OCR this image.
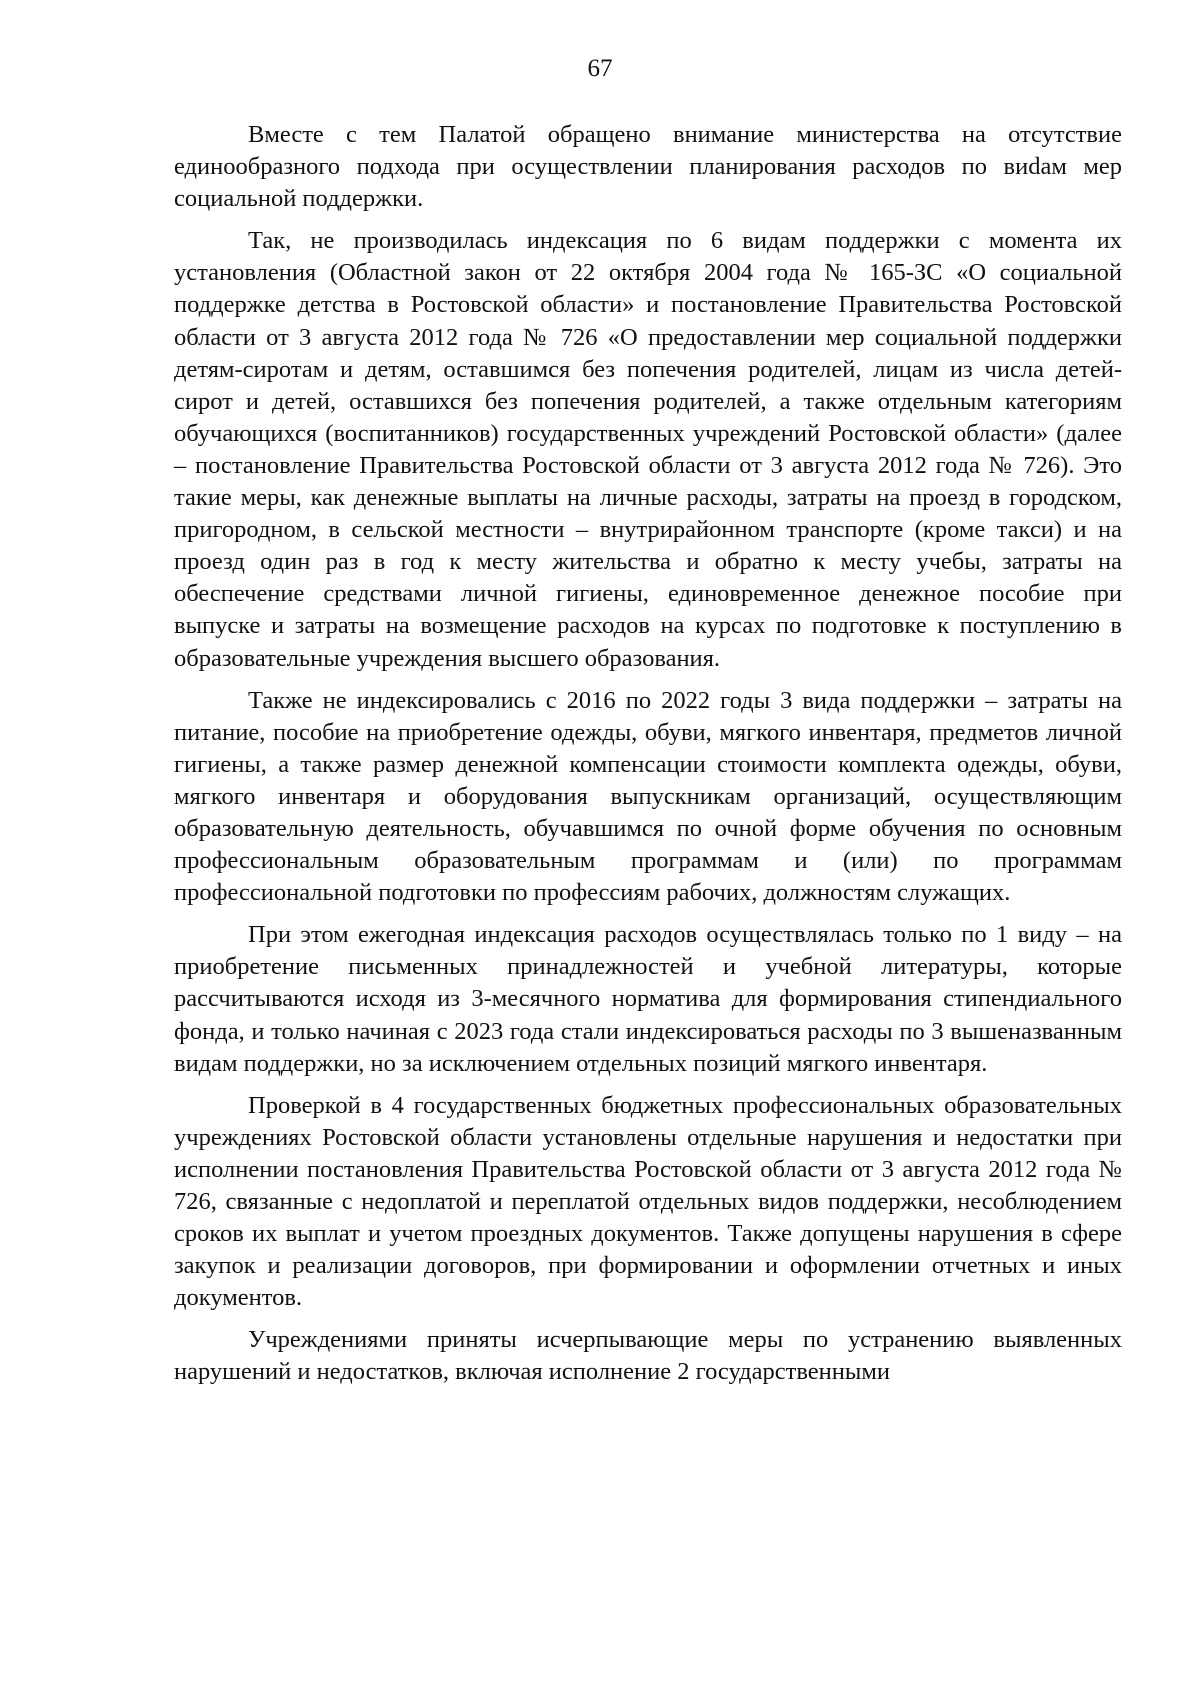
67

Вместе с тем Палатой обращено внимание министерства на отсутствие единообразного подхода при осуществлении планирования расходов по виdам мер социальной поддержки.

Так, не производилась индексация по 6 видам поддержки с момента их установления (Областной закон от 22 октября 2004 года № 165-ЗС «О социальной поддержке детства в Ростовской области» и постановление Правительства Ростовской области от 3 августа 2012 года № 726 «О предоставлении мер социальной поддержки детям-сиротам и детям, оставшимся без попечения родителей, лицам из числа детей-сирот и детей, оставшихся без попечения родителей, а также отдельным категориям обучающихся (воспитанников) государственных учреждений Ростовской области» (далее – постановление Правительства Ростовской области от 3 августа 2012 года № 726). Это такие меры, как денежные выплаты на личные расходы, затраты на проезд в городском, пригородном, в сельской местности – внутрирайонном транспорте (кроме такси) и на проезд один раз в год к месту жительства и обратно к месту учебы, затраты на обеспечение средствами личной гигиены, единовременное денежное пособие при выпуске и затраты на возмещение расходов на курсах по подготовке к поступлению в образовательные учреждения высшего образования.

Также не индексировались с 2016 по 2022 годы 3 вида поддержки – затраты на питание, пособие на приобретение одежды, обуви, мягкого инвентаря, предметов личной гигиены, а также размер денежной компенсации стоимости комплекта одежды, обуви, мягкого инвентаря и оборудования выпускникам организаций, осуществляющим образовательную деятельность, обучавшимся по очной форме обучения по основным профессиональным образовательным программам и (или) по программам профессиональной подготовки по профессиям рабочих, должностям служащих.

При этом ежегодная индексация расходов осуществлялась только по 1 виду – на приобретение письменных принадлежностей и учебной литературы, которые рассчитываются исходя из 3-месячного норматива для формирования стипендиального фонда, и только начиная с 2023 года стали индексироваться расходы по 3 вышеназванным видам поддержки, но за исключением отдельных позиций мягкого инвентаря.

Проверкой в 4 государственных бюджетных профессиональных образовательных учреждениях Ростовской области установлены отдельные нарушения и недостатки при исполнении постановления Правительства Ростовской области от 3 августа 2012 года № 726, связанные с недоплатой и переплатой отдельных видов поддержки, несоблюдением сроков их выплат и учетом проездных документов. Также допущены нарушения в сфере закупок и реализации договоров, при формировании и оформлении отчетных и иных документов.

Учреждениями приняты исчерпывающие меры по устранению выявленных нарушений и недостатков, включая исполнение 2 государственными
